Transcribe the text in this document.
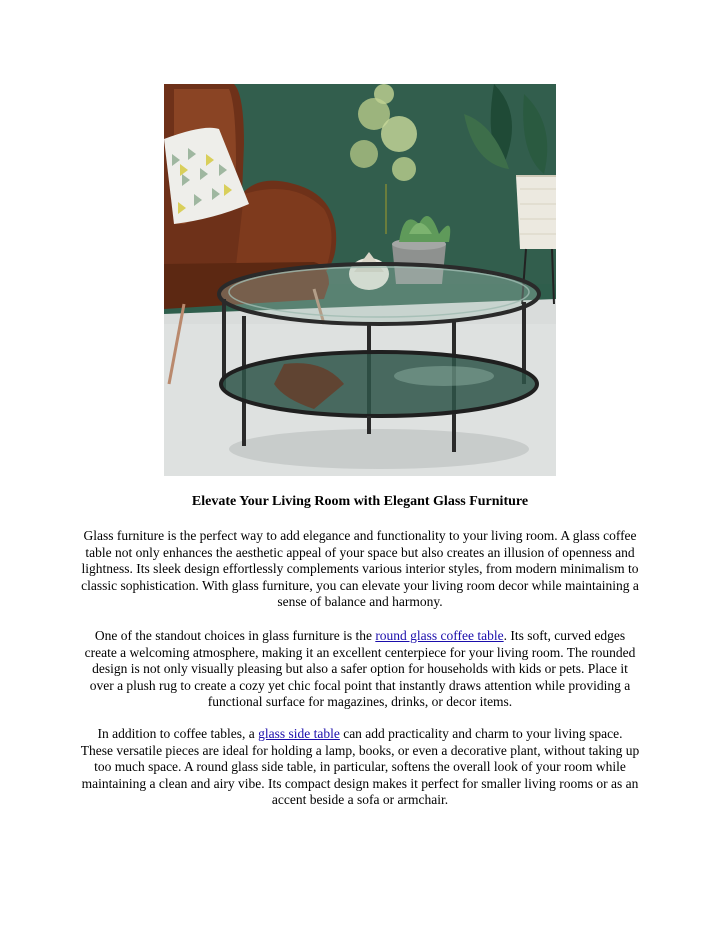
Elevate Your Living Room with Elegant Glass Furniture

Glass furniture is the perfect way to add elegance and functionality to your living room. A glass coffee table not only enhances the aesthetic appeal of your space but also creates an illusion of openness and lightness. Its sleek design effortlessly complements various interior styles, from modern minimalism to classic sophistication. With glass furniture, you can elevate your living room decor while maintaining a sense of balance and harmony.

One of the standout choices in glass furniture is the round glass coffee table. Its soft, curved edges create a welcoming atmosphere, making it an excellent centerpiece for your living room. The rounded design is not only visually pleasing but also a safer option for households with kids or pets. Place it over a plush rug to create a cozy yet chic focal point that instantly draws attention while providing a functional surface for magazines, drinks, or decor items.

In addition to coffee tables, a glass side table can add practicality and charm to your living space. These versatile pieces are ideal for holding a lamp, books, or even a decorative plant, without taking up too much space. A round glass side table, in particular, softens the overall look of your room while maintaining a clean and airy vibe. Its compact design makes it perfect for smaller living rooms or as an accent beside a sofa or armchair.
